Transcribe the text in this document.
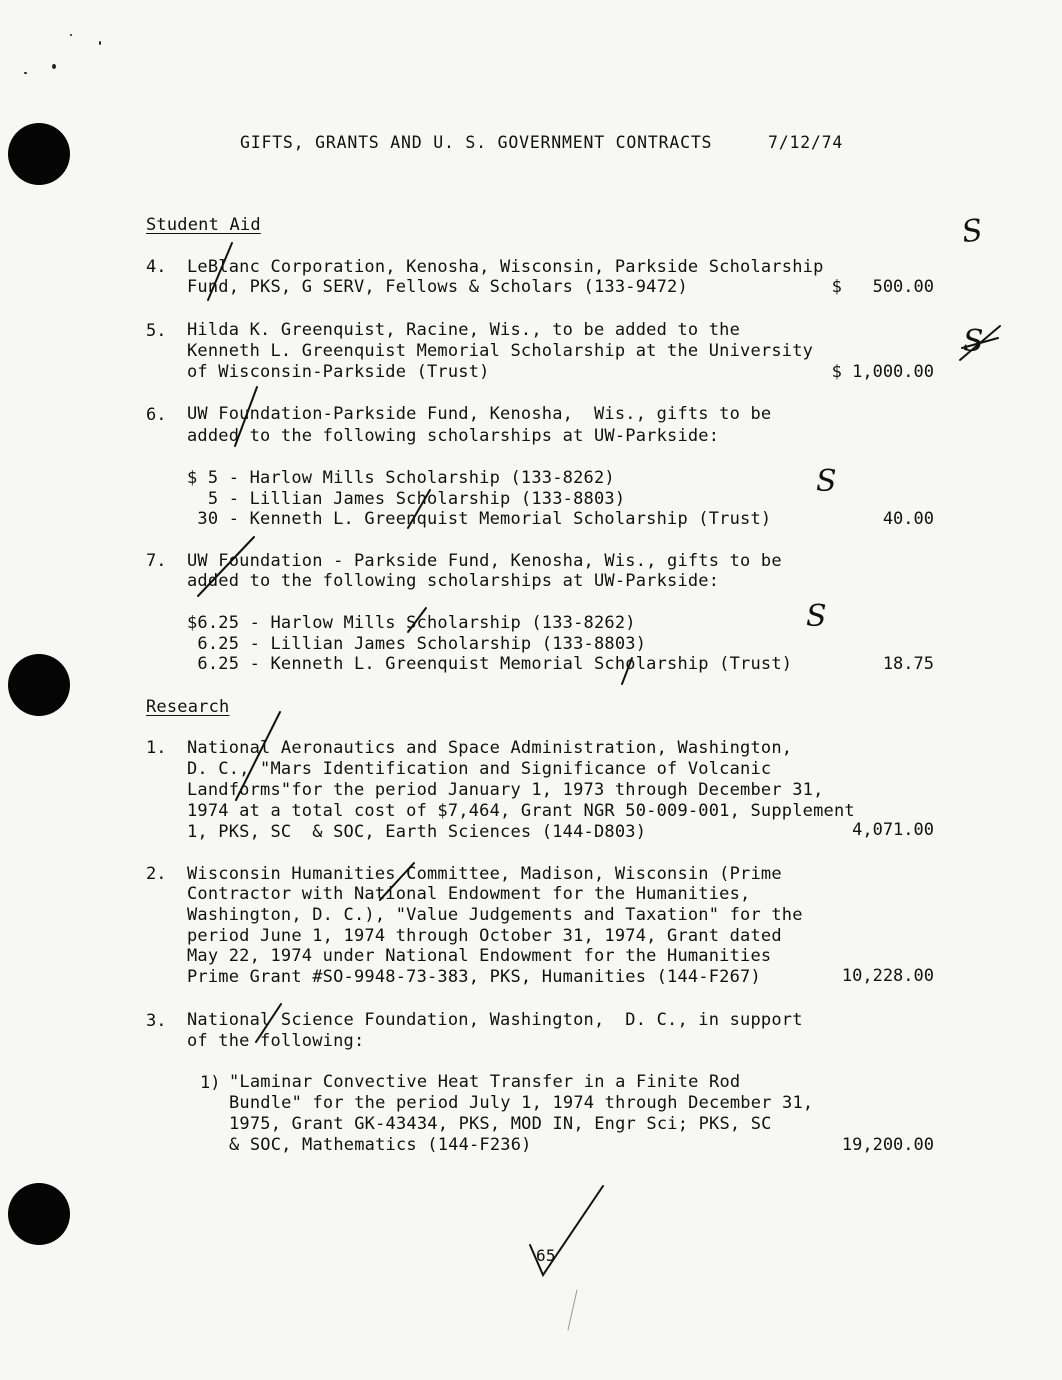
GIFTS, GRANTS AND U. S. GOVERNMENT CONTRACTS	7/12/74
Student Aid
4. LeBlanc Corporation, Kenosha, Wisconsin, Parkside Scholarship
Fund, PKS, G SERV, Fellows & Scholars (133-9472)	$   500.00
5. Hilda K. Greenquist, Racine, Wis., to be added to the
Kenneth L. Greenquist Memorial Scholarship at the University
of Wisconsin-Parkside (Trust)	$ 1,000.00
6. UW Foundation-Parkside Fund, Kenosha,  Wis., gifts to be
added to the following scholarships at UW-Parkside:
$ 5 - Harlow Mills Scholarship (133-8262)
5 - Lillian James Scholarship (133-8803)
30 - Kenneth L. Greenquist Memorial Scholarship (Trust)	40.00
7. UW Foundation - Parkside Fund, Kenosha, Wis., gifts to be
added to the following scholarships at UW-Parkside:
$6.25 - Harlow Mills Scholarship (133-8262)
6.25 - Lillian James Scholarship (133-8803)
6.25 - Kenneth L. Greenquist Memorial Scholarship (Trust)	18.75
Research
1. National Aeronautics and Space Administration, Washington,
D. C., "Mars Identification and Significance of Volcanic
Landforms"for the period January 1, 1973 through December 31,
1974 at a total cost of $7,464, Grant NGR 50-009-001, Supplement
1, PKS, SC  & SOC, Earth Sciences (144-D803)	4,071.00
2. Wisconsin Humanities Committee, Madison, Wisconsin (Prime
Contractor with National Endowment for the Humanities,
Washington, D. C.), "Value Judgements and Taxation" for the
period June 1, 1974 through October 31, 1974, Grant dated
May 22, 1974 under National Endowment for the Humanities
Prime Grant #SO-9948-73-383, PKS, Humanities (144-F267)	10,228.00
3. National Science Foundation, Washington,  D. C., in support
of the following:
1) "Laminar Convective Heat Transfer in a Finite Rod
Bundle" for the period July 1, 1974 through December 31,
1975, Grant GK-43434, PKS, MOD IN, Engr Sci; PKS, SC
& SOC, Mathematics (144-F236)	19,200.00
65
S
S
S
S
